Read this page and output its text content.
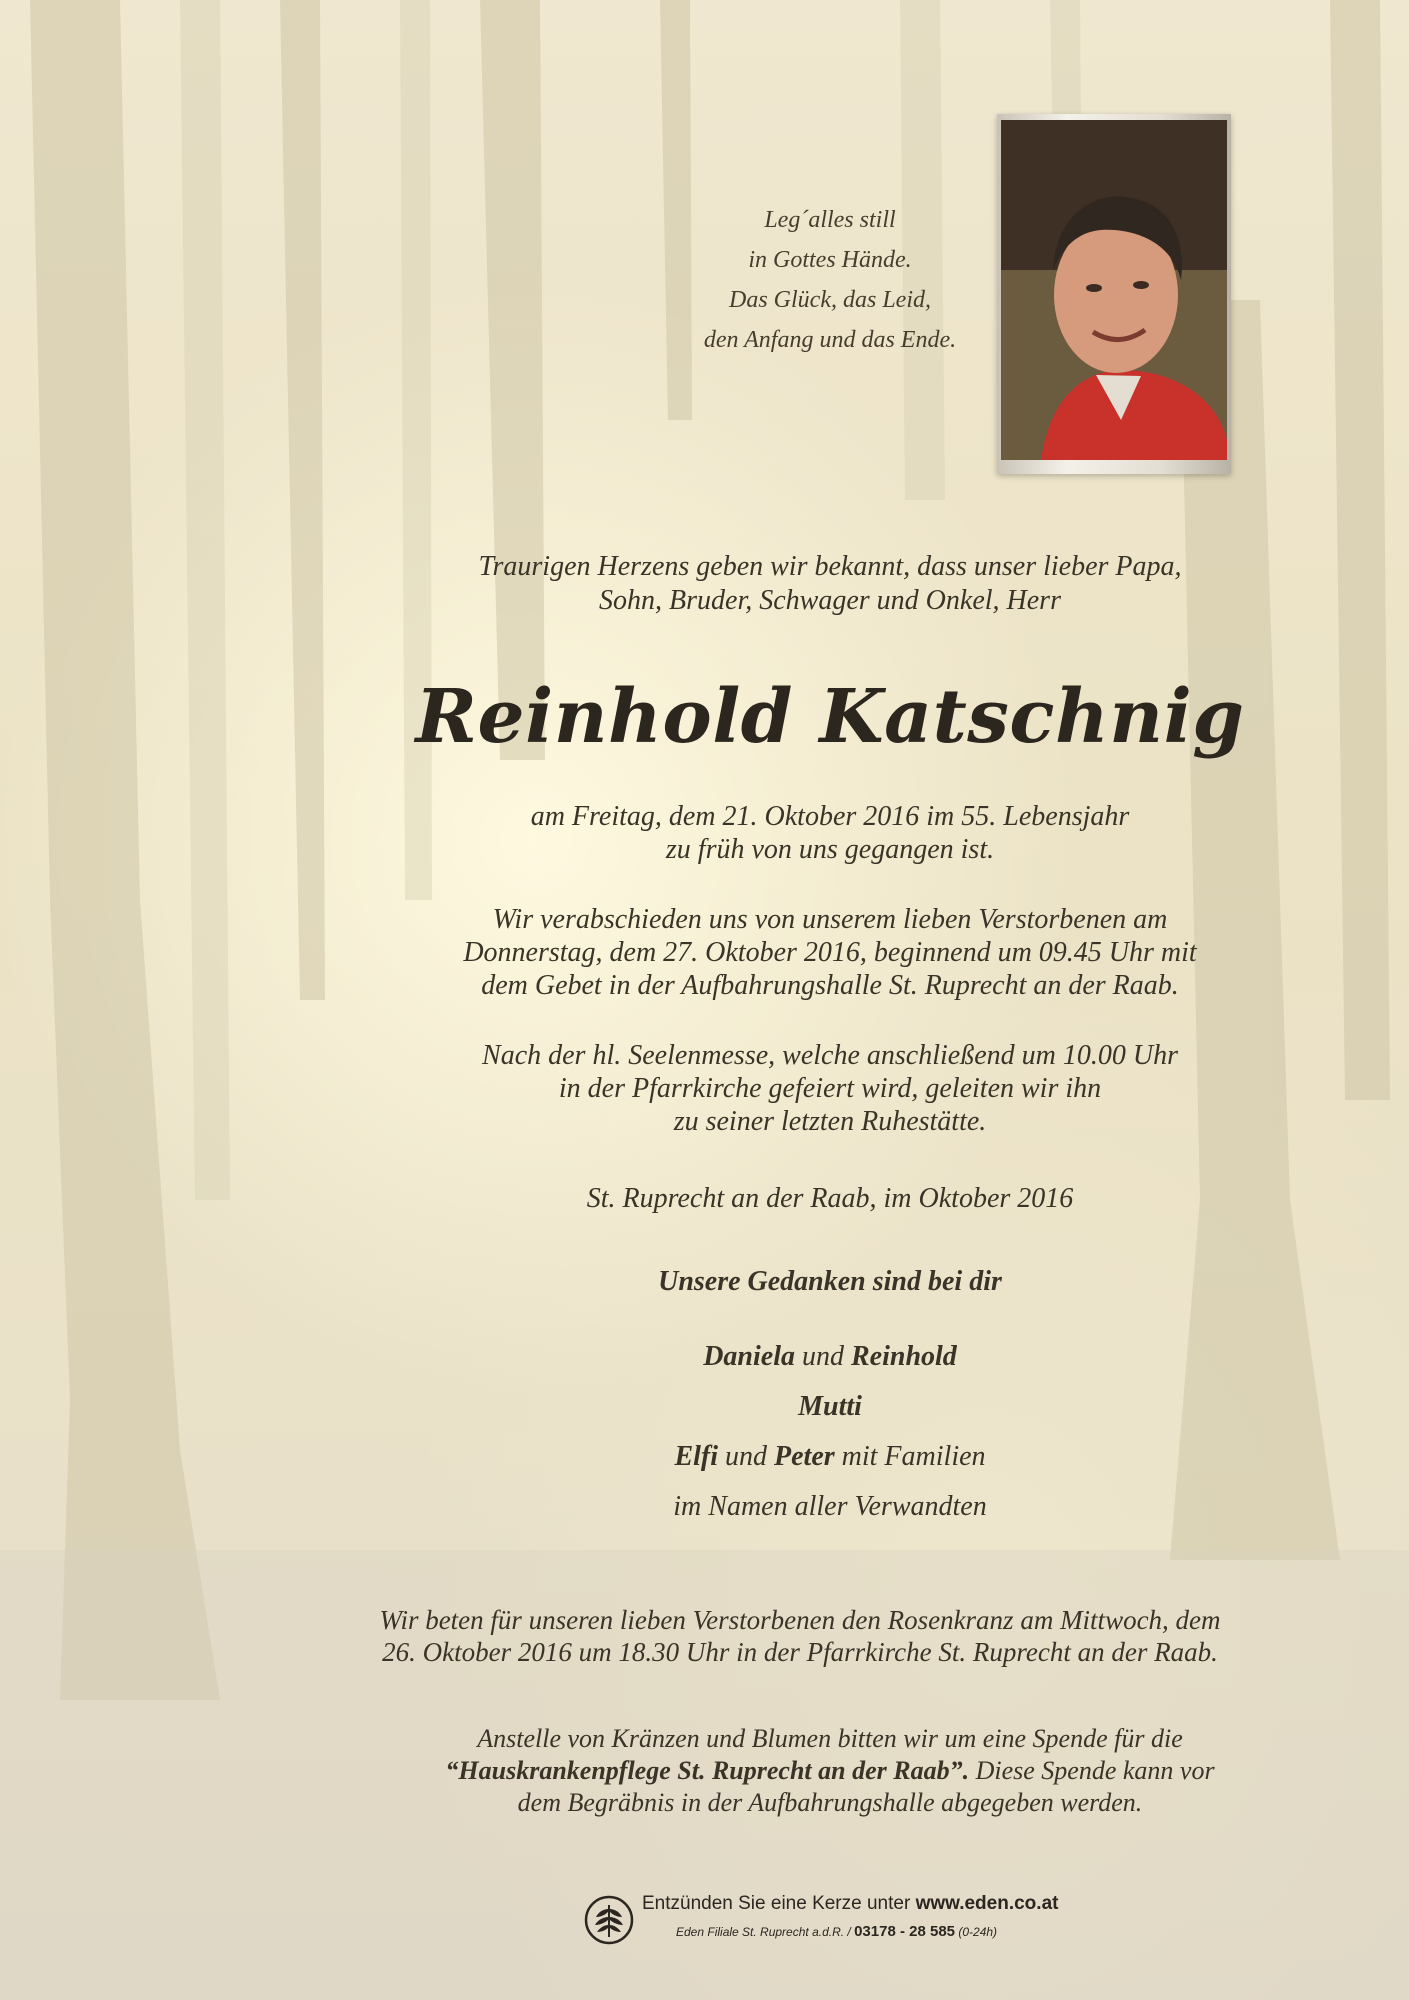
Leg´alles still
in Gottes Hände.
Das Glück, das Leid,
den Anfang und das Ende.
Traurigen Herzens geben wir bekannt, dass unser lieber Papa,
Sohn, Bruder, Schwager und Onkel, Herr
Reinhold Katschnig
am Freitag, dem 21. Oktober 2016 im 55. Lebensjahr
zu früh von uns gegangen ist.
Wir verabschieden uns von unserem lieben Verstorbenen am
Donnerstag, dem 27. Oktober 2016, beginnend um 09.45 Uhr mit
dem Gebet in der Aufbahrungshalle St. Ruprecht an der Raab.
Nach der hl. Seelenmesse, welche anschließend um 10.00 Uhr
in der Pfarrkirche gefeiert wird, geleiten wir ihn
zu seiner letzten Ruhestätte.
St. Ruprecht an der Raab, im Oktober 2016
Unsere Gedanken sind bei dir
Daniela und Reinhold
Mutti
Elfi und Peter mit Familien
im Namen aller Verwandten
Wir beten für unseren lieben Verstorbenen den Rosenkranz am Mittwoch, dem
26. Oktober 2016 um 18.30 Uhr in der Pfarrkirche St. Ruprecht an der Raab.
Anstelle von Kränzen und Blumen bitten wir um eine Spende für die
“Hauskrankenpflege St. Ruprecht an der Raab”. Diese Spende kann vor
dem Begräbnis in der Aufbahrungshalle abgegeben werden.
Entzünden Sie eine Kerze unter www.eden.co.at
Eden Filiale St. Ruprecht a.d.R. / 03178 - 28 585 (0-24h)
